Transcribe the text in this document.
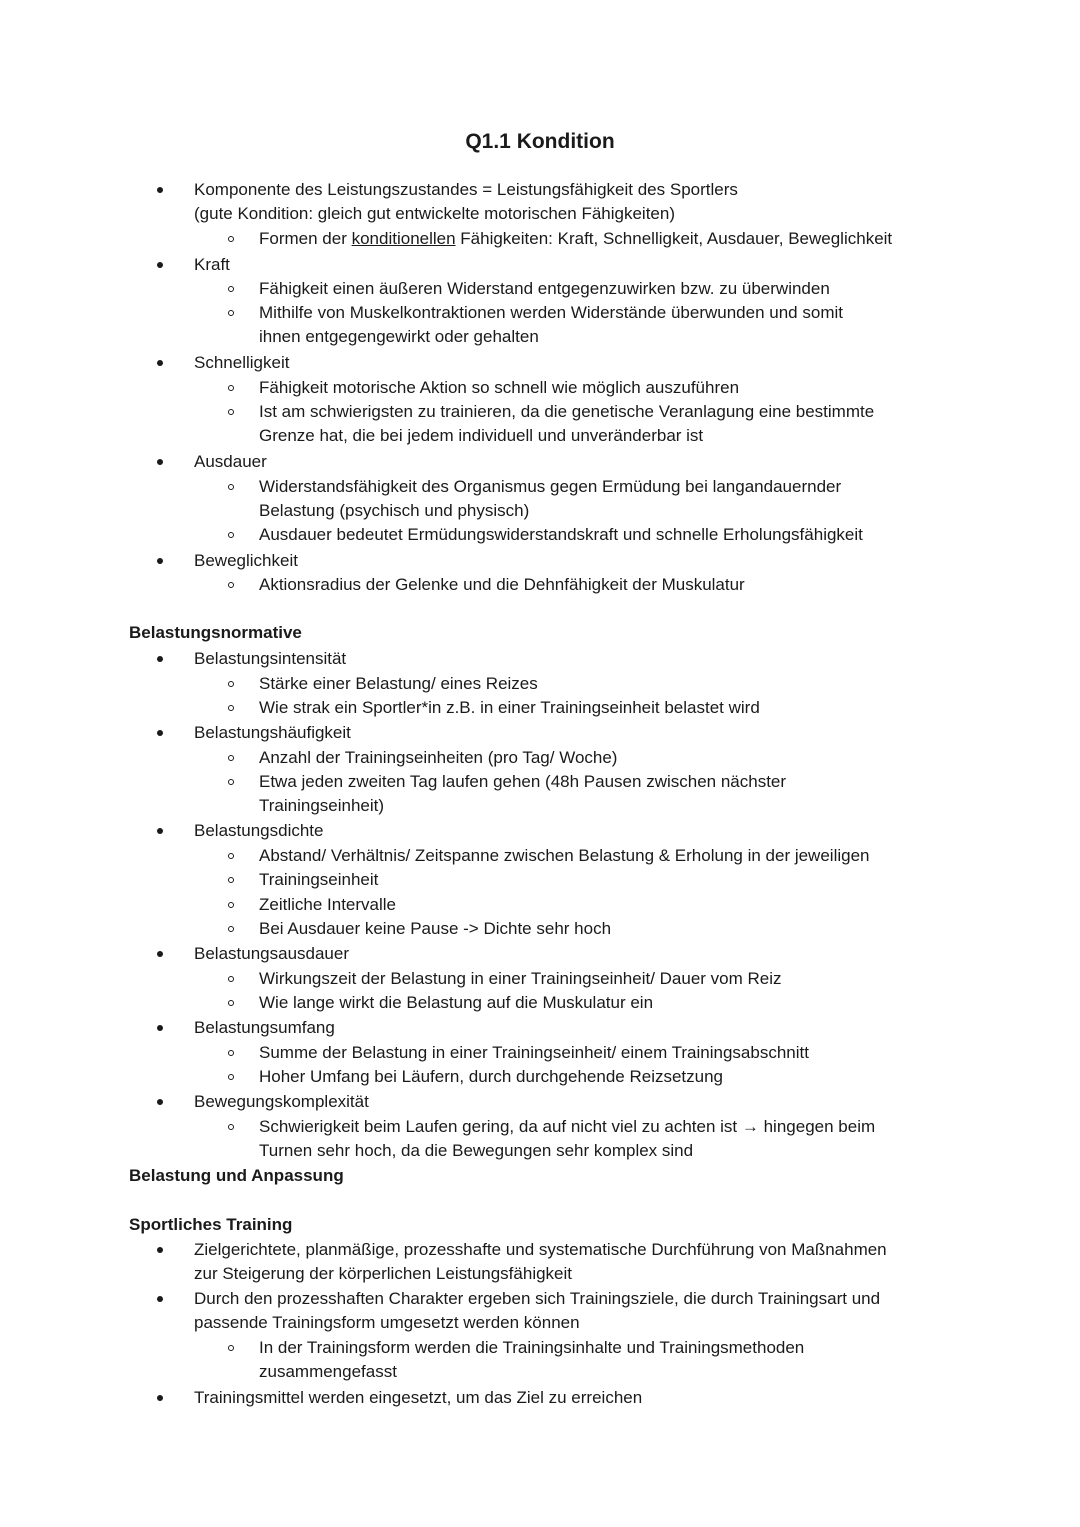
Q1.1 Kondition
Komponente des Leistungszustandes = Leistungsfähigkeit des Sportlers
(gute Kondition: gleich gut entwickelte motorischen Fähigkeiten)
Formen der konditionellen Fähigkeiten: Kraft, Schnelligkeit, Ausdauer, Beweglichkeit
Kraft
Fähigkeit einen äußeren Widerstand entgegenzuwirken bzw. zu überwinden
Mithilfe von Muskelkontraktionen werden Widerstände überwunden und somit
ihnen entgegengewirkt oder gehalten
Schnelligkeit
Fähigkeit motorische Aktion so schnell wie möglich auszuführen
Ist am schwierigsten zu trainieren, da die genetische Veranlagung eine bestimmte
Grenze hat, die bei jedem individuell und unveränderbar ist
Ausdauer
Widerstandsfähigkeit des Organismus gegen Ermüdung bei langandauernder
Belastung (psychisch und physisch)
Ausdauer bedeutet Ermüdungswiderstandskraft und schnelle Erholungsfähigkeit
Beweglichkeit
Aktionsradius der Gelenke und die Dehnfähigkeit der Muskulatur
Belastungsnormative
Belastungsintensität
Stärke einer Belastung/ eines Reizes
Wie strak ein Sportler*in z.B. in einer Trainingseinheit belastet wird
Belastungshäufigkeit
Anzahl der Trainingseinheiten (pro Tag/ Woche)
Etwa jeden zweiten Tag laufen gehen (48h Pausen zwischen nächster
Trainingseinheit)
Belastungsdichte
Abstand/ Verhältnis/ Zeitspanne zwischen Belastung & Erholung in der jeweiligen
Trainingseinheit
Zeitliche Intervalle
Bei Ausdauer keine Pause -> Dichte sehr hoch
Belastungsausdauer
Wirkungszeit der Belastung in einer Trainingseinheit/ Dauer vom Reiz
Wie lange wirkt die Belastung auf die Muskulatur ein
Belastungsumfang
Summe der Belastung in einer Trainingseinheit/ einem Trainingsabschnitt
Hoher Umfang bei Läufern, durch durchgehende Reizsetzung
Bewegungskomplexität
Schwierigkeit beim Laufen gering, da auf nicht viel zu achten ist → hingegen beim
Turnen sehr hoch, da die Bewegungen sehr komplex sind
Belastung und Anpassung
Sportliches Training
Zielgerichtete, planmäßige, prozesshafte und systematische Durchführung von Maßnahmen
zur Steigerung der körperlichen Leistungsfähigkeit
Durch den prozesshaften Charakter ergeben sich Trainingsziele, die durch Trainingsart und
passende Trainingsform umgesetzt werden können
In der Trainingsform werden die Trainingsinhalte und Trainingsmethoden
zusammengefasst
Trainingsmittel werden eingesetzt, um das Ziel zu erreichen
